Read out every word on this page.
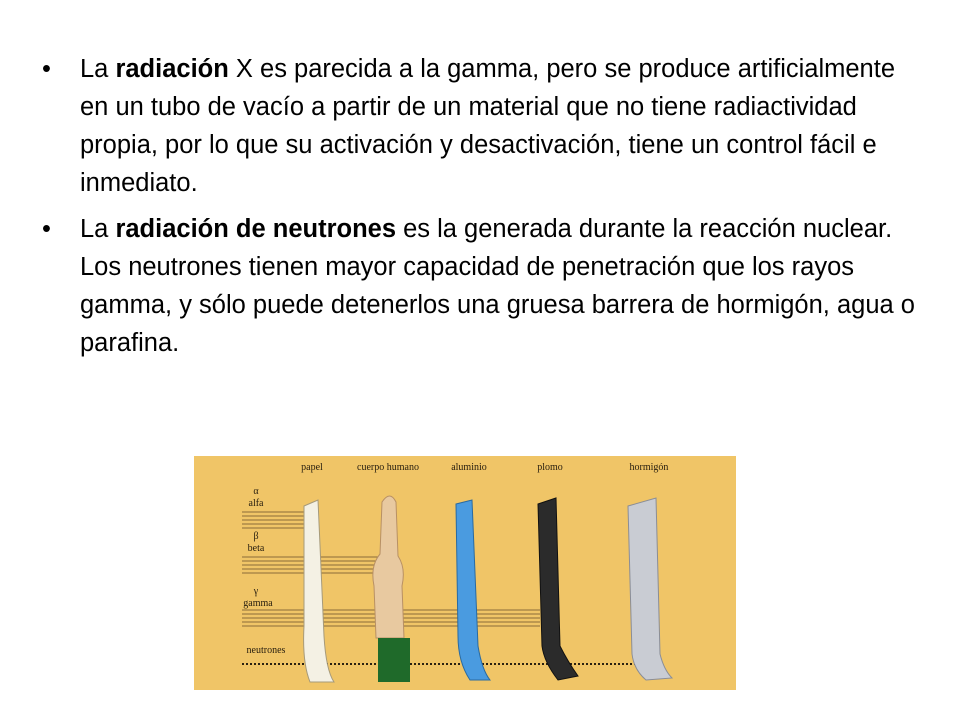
• La radiación X es parecida a la gamma, pero se produce artificialmente en un tubo de vacío a partir de un material que no tiene radiactividad propia, por lo que su activación y desactivación, tiene un control fácil e inmediato.
• La radiación de neutrones es la generada durante la reacción nuclear. Los neutrones tienen mayor capacidad de penetración que los rayos gamma, y sólo puede detenerlos una gruesa barrera de hormigón, agua o parafina.
papel	cuerpo humano	aluminio	plomo	hormigón
α
alfa
β
beta
γ
gamma
neutrones
